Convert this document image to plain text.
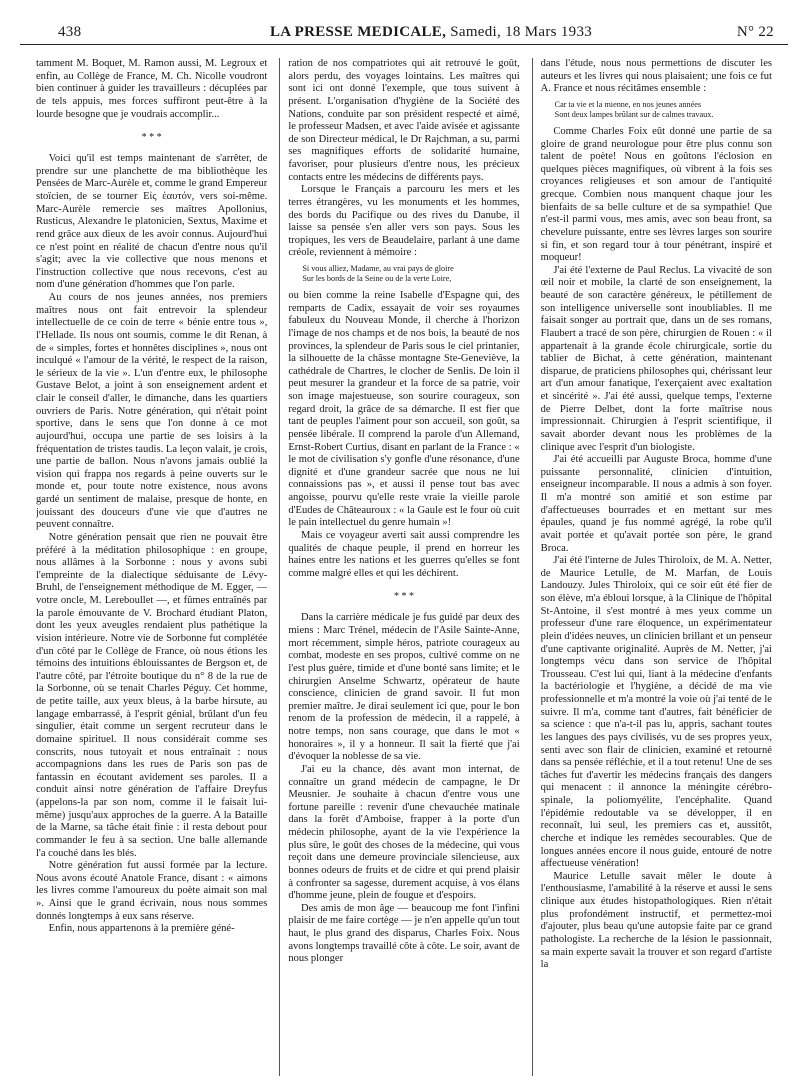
438	LA PRESSE MEDICALE, Samedi, 18 Mars 1933	N° 22

tamment M. Boquet, M. Ramon aussi, M. Legroux et enfin, au Collège de France, M. Ch. Nicolle voudront bien continuer à guider les travailleurs : décuplées par de tels appuis, mes forces suffiront peut-être à la lourde besogne que je voudrais accomplir...

* * *

Voici qu'il est temps maintenant de s'arrêter, de prendre sur une planchette de ma bibliothèque les Pensées de Marc-Aurèle et, comme le grand Empereur stoïcien, de se tourner Εἰς ἑαυτόν, vers soi-même. Marc-Aurèle remercie ses maîtres Apollonius, Rusticus, Alexandre le platonicien, Sextus, Maxime et rend grâce aux dieux de les avoir connus. Aujourd'hui ce n'est point en réalité de chacun d'entre nous qu'il s'agit; avec la vie collective que nous menons et l'instruction collective que nous recevons, c'est au nom d'une génération d'hommes que l'on parle.

Au cours de nos jeunes années, nos premiers maîtres nous ont fait entrevoir la splendeur intellectuelle de ce coin de terre « bénie entre tous », l'Hellade. Ils nous ont soumis, comme le dit Renan, à de « simples, fortes et honnêtes disciplines », nous ont inculqué « l'amour de la vérité, le respect de la raison, le sérieux de la vie ». L'un d'entre eux, le philosophe Gustave Belot, a joint à son enseignement ardent et clair le conseil d'aller, le dimanche, dans les quartiers ouvriers de Paris. Notre génération, qui n'était point sportive, dans le sens que l'on donne à ce mot aujourd'hui, occupa une partie de ses loisirs à la fréquentation de tristes taudis. La leçon valait, je crois, une partie de ballon. Nous n'avons jamais oublié la vision qui frappa nos regards à peine ouverts sur le monde et, pour toute notre existence, nous avons gardé un sentiment de malaise, presque de honte, en jouissant des douceurs d'une vie que d'autres ne peuvent connaître.

Notre génération pensait que rien ne pouvait être préféré à la méditation philosophique : en groupe, nous allâmes à la Sorbonne : nous y avons subi l'empreinte de la dialectique séduisante de Lévy-Bruhl, de l'enseignement méthodique de M. Egger, — votre oncle, M. Lereboullet —, et fûmes entraînés par la parole émouvante de V. Brochard étudiant Platon, dont les yeux aveugles rendaient plus pathétique la vision intérieure. Notre vie de Sorbonne fut complétée d'un côté par le Collège de France, où nous étions les témoins des intuitions éblouissantes de Bergson et, de l'autre côté, par l'étroite boutique du n° 8 de la rue de la Sorbonne, où se tenait Charles Péguy. Cet homme, de petite taille, aux yeux bleus, à la barbe hirsute, au langage embarrassé, à l'esprit génial, brûlant d'un feu singulier, était comme un sergent recruteur dans le domaine spirituel. Il nous considérait comme ses conscrits, nous tutoyait et nous entraînait : nous accompagnions dans les rues de Paris son pas de fantassin en écoutant avidement ses paroles. Il a conduit ainsi notre génération de l'affaire Dreyfus (appelons-la par son nom, comme il le faisait lui-même) jusqu'aux approches de la guerre. A la Bataille de la Marne, sa tâche était finie : il resta debout pour commander le feu à sa section. Une balle allemande l'a couché dans les blés.

Notre génération fut aussi formée par la lecture. Nous avons écouté Anatole France, disant : « aimons les livres comme l'amoureux du poète aimait son mal ». Ainsi que le grand écrivain, nous nous sommes donnés longtemps à eux sans réserve.

Enfin, nous appartenons à la première géné-

ration de nos compatriotes qui ait retrouvé le goût, alors perdu, des voyages lointains. Les maîtres qui sont ici ont donné l'exemple, que tous suivent à présent. L'organisation d'hygiène de la Société des Nations, conduite par son président respecté et aimé, le professeur Madsen, et avec l'aide avisée et agissante de son Directeur médical, le Dr Rajchman, a su, parmi ses magnifiques efforts de solidarité humaine, favoriser, pour plusieurs d'entre nous, les précieux contacts entre les médecins de différents pays.

Lorsque le Français a parcouru les mers et les terres étrangères, vu les monuments et les hommes, des bords du Pacifique ou des rives du Danube, il laisse sa pensée s'en aller vers son pays. Sous les tropiques, les vers de Beaudelaire, parlant à une dame créole, reviennent à mémoire :

Si vous alliez, Madame, au vrai pays de gloire
Sur les bords de la Seine ou de la verte Loire,

ou bien comme la reine Isabelle d'Espagne qui, des remparts de Cadix, essayait de voir ses royaumes fabuleux du Nouveau Monde, il cherche à l'horizon l'image de nos champs et de nos bois, la beauté de nos provinces, la splendeur de Paris sous le ciel printanier, la silhouette de la châsse montagne Ste-Geneviève, la cathédrale de Chartres, le clocher de Senlis. De loin il peut mesurer la grandeur et la force de sa patrie, voir son image majestueuse, son sourire courageux, son regard droit, la grâce de sa démarche. Il est fier que tant de peuples l'aiment pour son accueil, son goût, sa pensée libérale. Il comprend la parole d'un Allemand, Ernst-Robert Curtius, disant en parlant de la France : « le mot de civilisation s'y gonfle d'une résonance, d'une dignité et d'une grandeur sacrée que nous ne lui connaissions pas », et aussi il pense tout bas avec angoisse, pourvu qu'elle reste vraie la vieille parole d'Eudes de Châteauroux : « la Gaule est le four où cuit le pain intellectuel du genre humain »!

Mais ce voyageur averti sait aussi comprendre les qualités de chaque peuple, il prend en horreur les haines entre les nations et les guerres qu'elles se font comme malgré elles et qui les déchirent.

* * *

Dans la carrière médicale je fus guidé par deux des miens : Marc Trénel, médecin de l'Asile Sainte-Anne, mort récemment, simple héros, patriote courageux au combat, modeste en ses propos, cultivé comme on ne l'est plus guère, timide et d'une bonté sans limite; et le chirurgien Anselme Schwartz, opérateur de haute conscience, clinicien de grand savoir. Il fut mon premier maître. Je dirai seulement ici que, pour le bon renom de la profession de médecin, il a rappelé, à notre temps, non sans courage, que dans le mot « honoraires », il y a honneur. Il sait la fierté que j'ai d'évoquer la noblesse de sa vie.

J'ai eu la chance, dès avant mon internat, de connaître un grand médecin de campagne, le Dr Meusnier. Je souhaite à chacun d'entre vous une fortune pareille : revenir d'une chevauchée matinale dans la forêt d'Amboise, frapper à la porte d'un médecin philosophe, ayant de la vie l'expérience la plus sûre, le goût des choses de la médecine, qui vous reçoit dans une demeure provinciale silencieuse, aux bonnes odeurs de fruits et de cidre et qui prend plaisir à confronter sa sagesse, durement acquise, à vos élans d'homme jeune, plein de fougue et d'espoirs.

Des amis de mon âge — beaucoup me font l'infini plaisir de me faire cortège — je n'en appelle qu'un tout haut, le plus grand des disparus, Charles Foix. Nous avons longtemps travaillé côte à côte. Le soir, avant de nous plonger

dans l'étude, nous nous permettions de discuter les auteurs et les livres qui nous plaisaient; une fois ce fut A. France et nous récitâmes ensemble :

Car ta vie et la mienne, en nos jeunes années
Sont deux lampes brûlant sur de calmes travaux.

Comme Charles Foix eût donné une partie de sa gloire de grand neurologue pour être plus connu son talent de poète! Nous en goûtons l'éclosion en quelques pièces magnifiques, où vibrent à la fois ses croyances religieuses et son amour de l'antiquité grecque. Combien nous manquent chaque jour les bienfaits de sa belle culture et de sa sympathie! Que n'est-il parmi vous, mes amis, avec son beau front, sa chevelure puissante, entre ses lèvres larges son sourire si fin, et son regard tour à tour pénétrant, inspiré et moqueur!

J'ai été l'externe de Paul Reclus. La vivacité de son œil noir et mobile, la clarté de son enseignement, la beauté de son caractère généreux, le pétillement de son intelligence universelle sont inoubliables. Il me faisait songer au portrait que, dans un de ses romans, Flaubert a tracé de son père, chirurgien de Rouen : « il appartenait à la grande école chirurgicale, sortie du tablier de Bichat, à cette génération, maintenant disparue, de praticiens philosophes qui, chérissant leur art d'un amour fanatique, l'exerçaient avec exaltation et sincérité ». J'ai été aussi, quelque temps, l'externe de Pierre Delbet, dont la forte maîtrise nous impressionnait. Chirurgien à l'esprit scientifique, il savait aborder devant nous les problèmes de la clinique avec l'esprit d'un biologiste.

J'ai été accueilli par Auguste Broca, homme d'une puissante personnalité, clinicien d'intuition, enseigneur incomparable. Il nous a admis à son foyer. Il m'a montré son amitié et son estime par d'affectueuses bourrades et en mettant sur mes épaules, quand je fus nommé agrégé, la robe qu'il avait portée et qu'avait portée son père, le grand Broca.

J'ai été l'interne de Jules Thiroloix, de M. A. Netter, de Maurice Letulle, de M. Marfan, de Louis Landouzy. Jules Thiroloix, qui ce soir eût été fier de son élève, m'a ébloui lorsque, à la Clinique de l'hôpital St-Antoine, il s'est montré à mes yeux comme un professeur d'une rare éloquence, un expérimentateur plein d'idées neuves, un clinicien brillant et un penseur d'une captivante originalité. Auprès de M. Netter, j'ai longtemps vécu dans son service de l'hôpital Trousseau. C'est lui qui, liant à la médecine d'enfants la bactériologie et l'hygiène, a décidé de ma vie professionnelle et m'a montré la voie où j'ai tenté de le suivre. Il m'a, comme tant d'autres, fait bénéficier de sa science : que n'a-t-il pas lu, appris, sachant toutes les langues des pays civilisés, vu de ses propres yeux, senti avec son flair de clinicien, examiné et retourné dans sa pensée réfléchie, et il a tout retenu! Une de ses tâches fut d'avertir les médecins français des dangers qui menacent : il annonce la méningite cérébro-spinale, la poliomyélite, l'encéphalite. Quand l'épidémie redoutable va se développer, il en reconnaît, lui seul, les premiers cas et, aussitôt, cherche et indique les remèdes secourables. Que de longues années encore il nous guide, entouré de notre affectueuse vénération!

Maurice Letulle savait mêler le doute à l'enthousiasme, l'amabilité à la réserve et aussi le sens clinique aux études histopathologiques. Rien n'était plus profondément instructif, et permettez-moi d'ajouter, plus beau qu'une autopsie faite par ce grand pathologiste. La recherche de la lésion le passionnait, sa main experte savait la trouver et son regard d'artiste la
